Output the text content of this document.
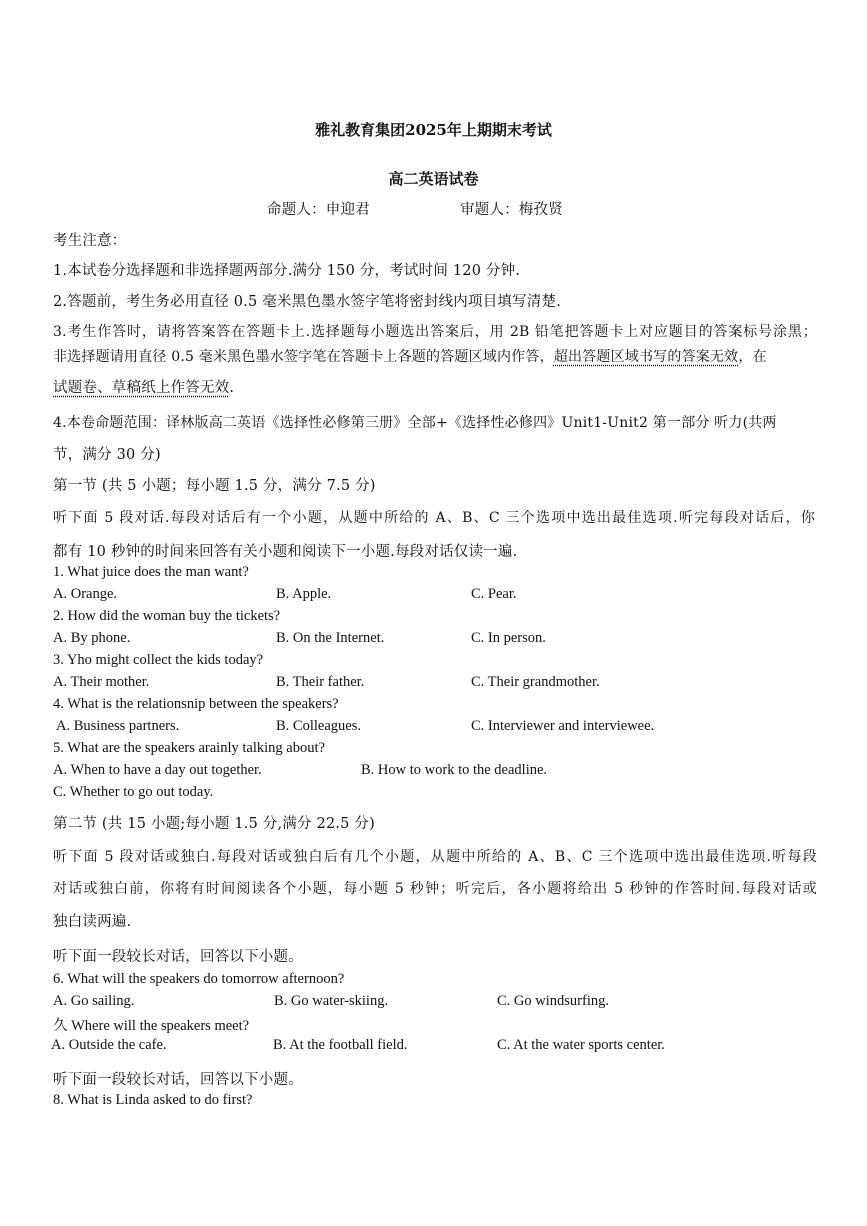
雅礼教育集团2025年上期期末考试
高二英语试卷
命题人：申迎君	审题人：梅孜贤
考生注意：
1.本试卷分选择题和非选择题两部分.满分 150 分，考试时间 120 分钟.
2.答题前，考生务必用直径 0.5 毫米黑色墨水签字笔将密封线内项目填写清楚.
3.考生作答时，请将答案答在答题卡上.选择题每小题选出答案后，用 2B 铅笔把答题卡上对应题目的答案标号涂黑；
非选择题请用直径 0.5 毫米黑色墨水签字笔在答题卡上各题的答题区域内作答，超出答题区域书写的答案无效，在
试题卷、草稿纸上作答无效.
4.本卷命题范围：译林版高二英语《选择性必修第三册》全部+《选择性必修四》Unit1-Unit2 第一部分 听力(共两
节，满分 30 分)
第一节 (共 5 小题；每小题 1.5 分，满分 7.5 分)
听下面 5 段对话.每段对话后有一个小题，从题中所给的 A、B、C 三个选项中选出最佳选项.听完每段对话后，你
都有 10 秒钟的时间来回答有关小题和阅读下一小题.每段对话仅读一遍.
1. What juice does the man want?
A. Orange.	B. Apple.	C. Pear.
2. How did the woman buy the tickets?
A. By phone.	B. On the Internet.	C. In person.
3. Yho might collect the kids today?
A. Their mother.	B. Their father.	C. Their grandmother.
4. What is the relationsnip between the speakers?
A. Business partners.	B. Colleagues.	C. Interviewer and interviewee.
5. What are the speakers arainly talking about?
A. When to have a day out together.	B. How to work to the deadline.
C. Whether to go out today.
第二节 (共 15 小题;每小题 1.5 分,满分 22.5 分)
听下面 5 段对话或独白.每段对话或独白后有几个小题，从题中所给的 A、B、C 三个选项中选出最佳选项.听每段
对话或独白前，你将有时间阅读各个小题，每小题 5 秒钟；听完后，各小题将给出 5 秒钟的作答时间.每段对话或
独白读两遍.
听下面一段较长对话，回答以下小题。
6. What will the speakers do tomorrow afternoon?
A. Go sailing.	B. Go water-skiing.	C. Go windsurfing.
久 Where will the speakers meet?
A. Outside the cafe.	B. At the football field.	C. At the water sports center.
听下面一段较长对话，回答以下小题。
8. What is Linda asked to do first?
